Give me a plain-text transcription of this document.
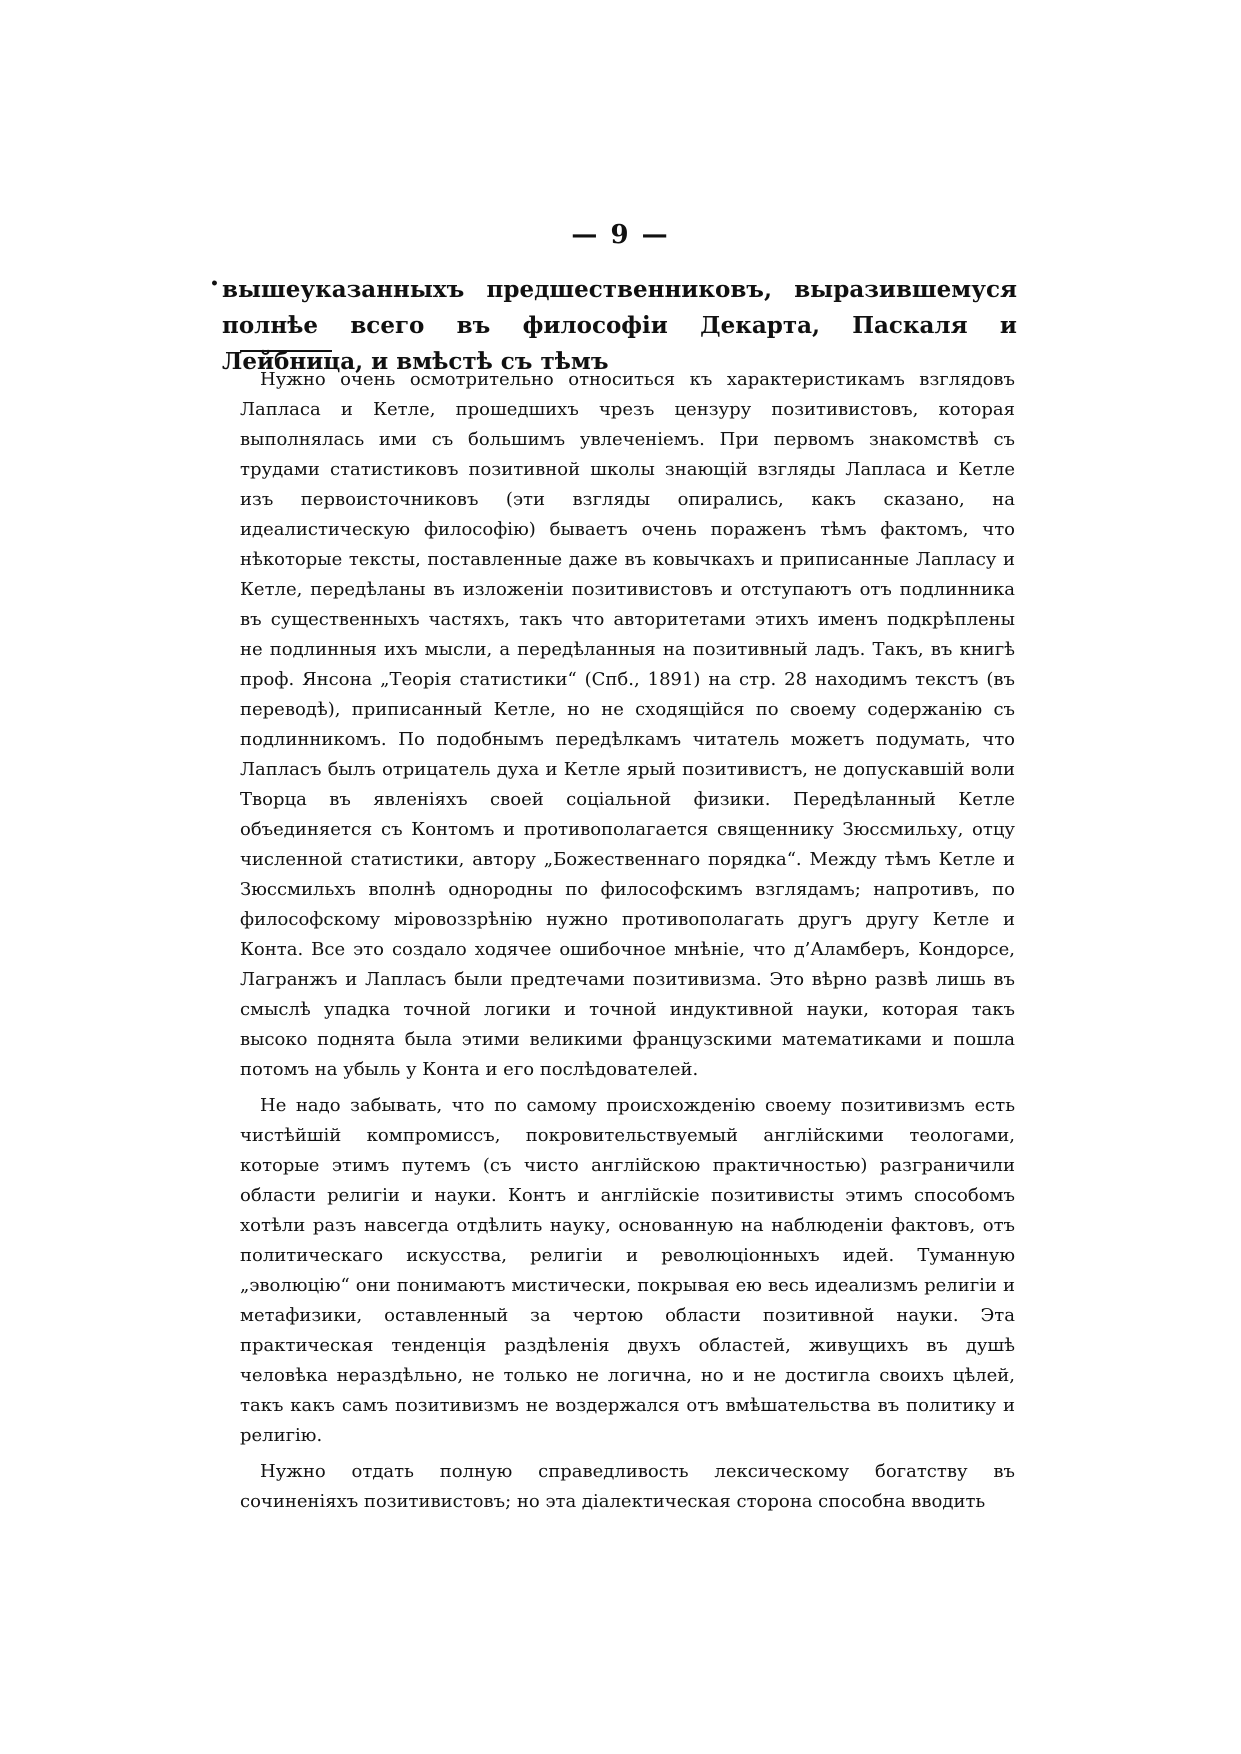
— 9 —
• вышеуказанныхъ предшественниковъ, выразившемуся полнѣе всего въ философiи Декарта, Паскаля и Лейбница, и вмѣстѣ съ тѣмъ

Нужно очень осмотрительно относиться къ характеристикамъ взглядовъ Лапласа и Кетле, прошедшихъ чрезъ цензуру позитивистовъ, которая выполнялась ими съ большимъ увлеченiемъ. При первомъ знакомствѣ съ трудами статистиковъ позитивной школы знающiй взгляды Лапласа и Кетле изъ первоисточниковъ (эти взгляды опирались, какъ сказано, на идеалистическую философiю) бываетъ очень пораженъ тѣмъ фактомъ, что нѣкоторые тексты, поставленные даже въ ковычкахъ и приписанные Лапласу и Кетле, передѣланы въ изложенiи позитивистовъ и отступаютъ отъ подлинника въ существенныхъ частяхъ, такъ что авторитетами этихъ именъ подкрѣплены не подлинныя ихъ мысли, а передѣланныя на позитивный ладъ. Такъ, въ книгѣ проф. Янсона „Теорiя статистики“ (Спб., 1891) на стр. 28 находимъ текстъ (въ переводѣ), приписанный Кетле, но не сходящiйся по своему содержанiю съ подлинникомъ. По подобнымъ передѣлкамъ читатель можетъ подумать, что Лапласъ былъ отрицатель духа и Кетле ярый позитивистъ, не допускавшiй воли Творца въ явленiяхъ своей соцiальной физики. Передѣланный Кетле объединяется съ Контомъ и противополагается священнику Зюссмильху, отцу численной статистики, автору „Божественнаго порядка“. Между тѣмъ Кетле и Зюссмильхъ вполнѣ однородны по философскимъ взглядамъ; напротивъ, по философскому мiровоззрѣнiю нужно противополагать другъ другу Кетле и Конта. Все это создало ходячее ошибочное мнѣнiе, что д’Аламберъ, Кондорсе, Лагранжъ и Лапласъ были предтечами позитивизма. Это вѣрно развѣ лишь въ смыслѣ упадка точной логики и точной индуктивной науки, которая такъ высоко поднята была этими великими французскими математиками и пошла потомъ на убыль у Конта и его послѣдователей.

Не надо забывать, что по самому происхожденiю своему позитивизмъ есть чистѣйшiй компромиссъ, покровительствуемый англiйскими теологами, которые этимъ путемъ (съ чисто англiйскою практичностью) разграничили области религiи и науки. Контъ и англiйскiе позитивисты этимъ способомъ хотѣли разъ навсегда отдѣлить науку, основанную на наблюденiи фактовъ, отъ политическаго искусства, религiи и революцiонныхъ идей. Туманную „эволюцiю“ они понимаютъ мистически, покрывая ею весь идеализмъ религiи и метафизики, оставленный за чертою области позитивной науки. Эта практическая тенденцiя раздѣленiя двухъ областей, живущихъ въ душѣ человѣка нераздѣльно, не только не логична, но и не достигла своихъ цѣлей, такъ какъ самъ позитивизмъ не воздержался отъ вмѣшательства въ политику и религiю.

Нужно отдать полную справедливость лексическому богатству въ сочиненiяхъ позитивистовъ; но эта дiалектическая сторона способна вводить
